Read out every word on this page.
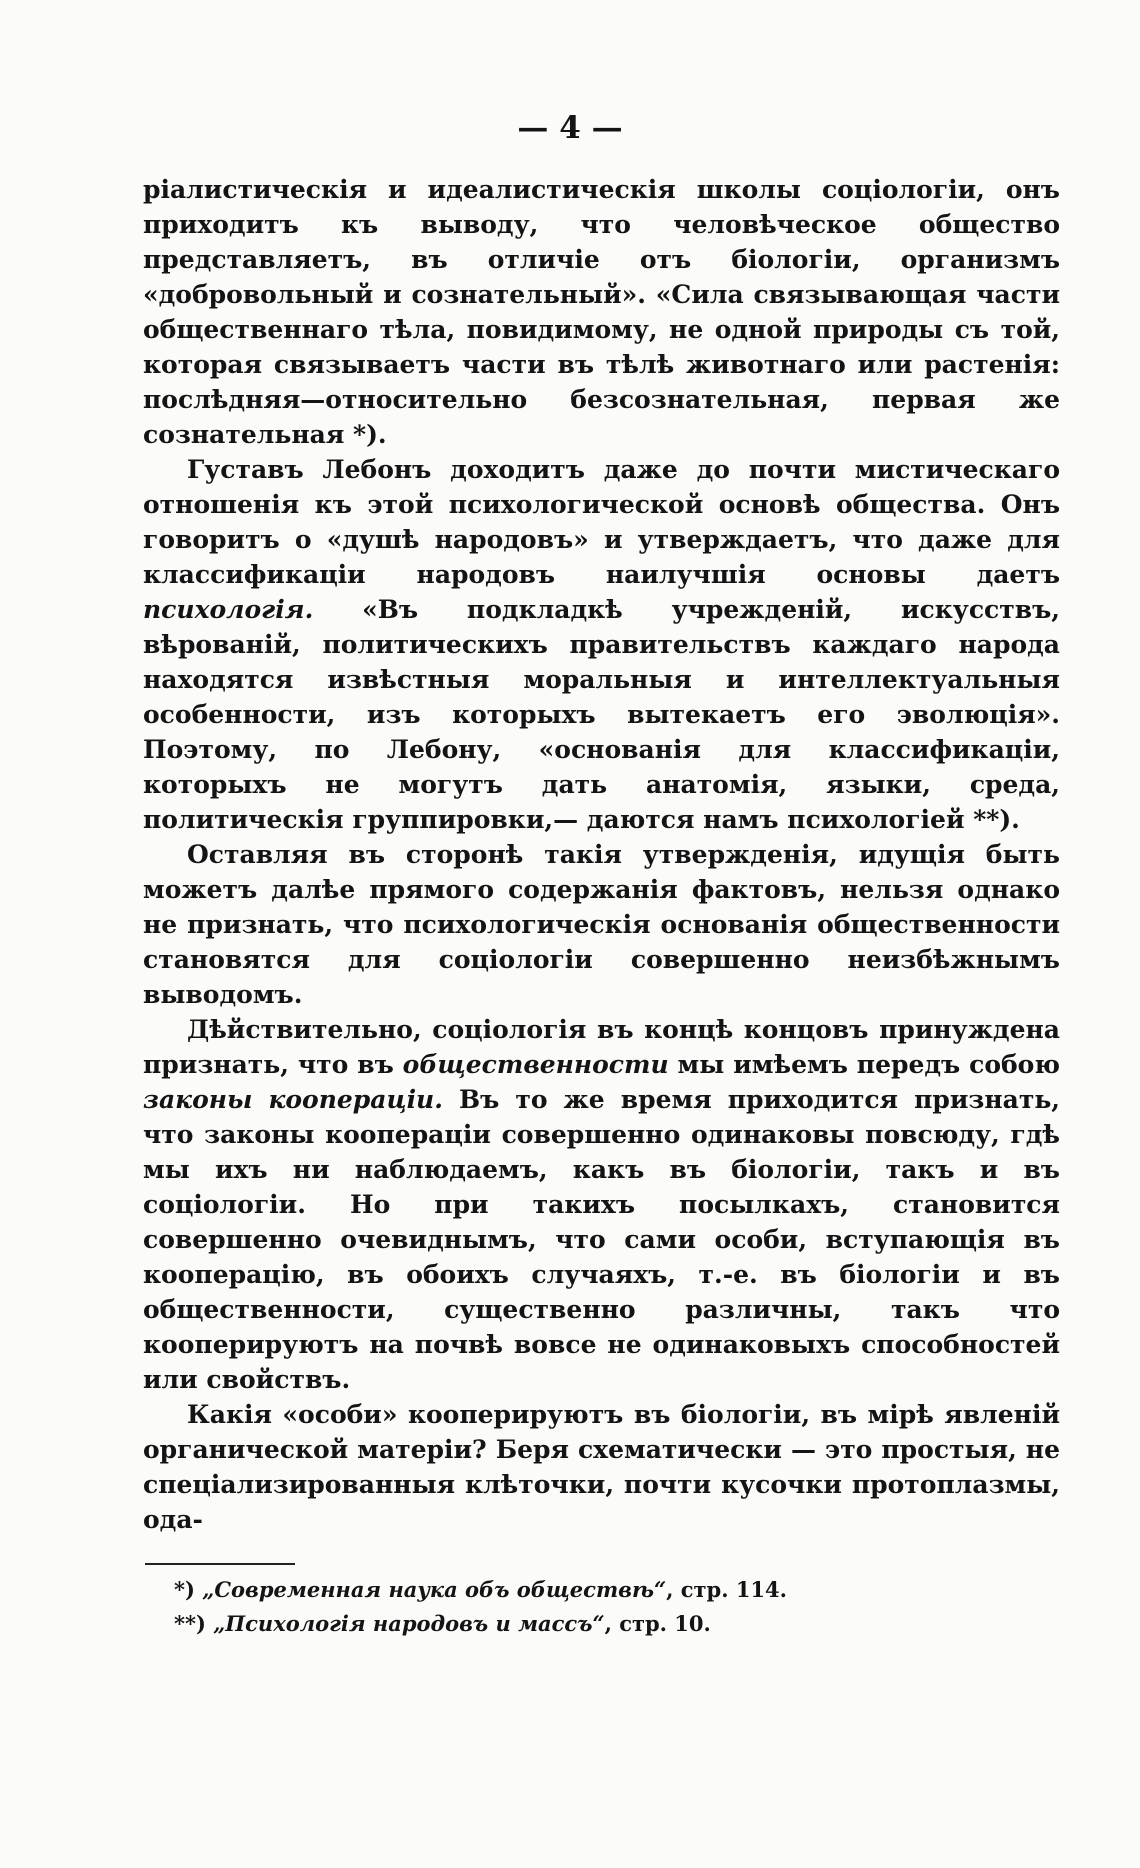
— 4 —

ріалистическія и идеалистическія школы соціологіи, онъ приходитъ къ выводу, что человѣческое общество представляетъ, въ отличіе отъ біологіи, организмъ «добровольный и сознательный». «Сила связывающая части общественнаго тѣла, повидимому, не одной природы съ той, которая связываетъ части въ тѣлѣ животнаго или растенія: послѣдняя—относительно безсознательная, первая же сознательная *).

Густавъ Лебонъ доходитъ даже до почти мистическаго отношенія къ этой психологической основѣ общества. Онъ говоритъ о «душѣ народовъ» и утверждаетъ, что даже для классификаціи народовъ наилучшія основы даетъ психологія. «Въ подкладкѣ учрежденій, искусствъ, вѣрованій, политическихъ правительствъ каждаго народа находятся извѣстныя моральныя и интеллектуальныя особенности, изъ которыхъ вытекаетъ его эволюція». Поэтому, по Лебону, «основанія для классификаціи, которыхъ не могутъ дать анатомія, языки, среда, политическія группировки,— даются намъ психологіей **).

Оставляя въ сторонѣ такія утвержденія, идущія быть можетъ далѣе прямого содержанія фактовъ, нельзя однако не признать, что психологическія основанія общественности становятся для соціологіи совершенно неизбѣжнымъ выводомъ.

Дѣйствительно, соціологія въ концѣ концовъ принуждена признать, что въ общественности мы имѣемъ передъ собою законы коопераціи. Въ то же время приходится признать, что законы коопераціи совершенно одинаковы повсюду, гдѣ мы ихъ ни наблюдаемъ, какъ въ біологіи, такъ и въ соціологіи. Но при такихъ посылкахъ, становится совершенно очевиднымъ, что сами особи, вступающія въ кооперацію, въ обоихъ случаяхъ, т.-е. въ біологіи и въ общественности, существенно различны, такъ что кооперируютъ на почвѣ вовсе не одинаковыхъ способностей или свойствъ.

Какія «особи» кооперируютъ въ біологіи, въ мірѣ явленій органической матеріи? Беря схематически — это простыя, не спеціализированныя клѣточки, почти кусочки протоплазмы, ода-

*) „Современная наука объ обществѣ“, стр. 114.

**) „Психологія народовъ и массъ“, стр. 10.
